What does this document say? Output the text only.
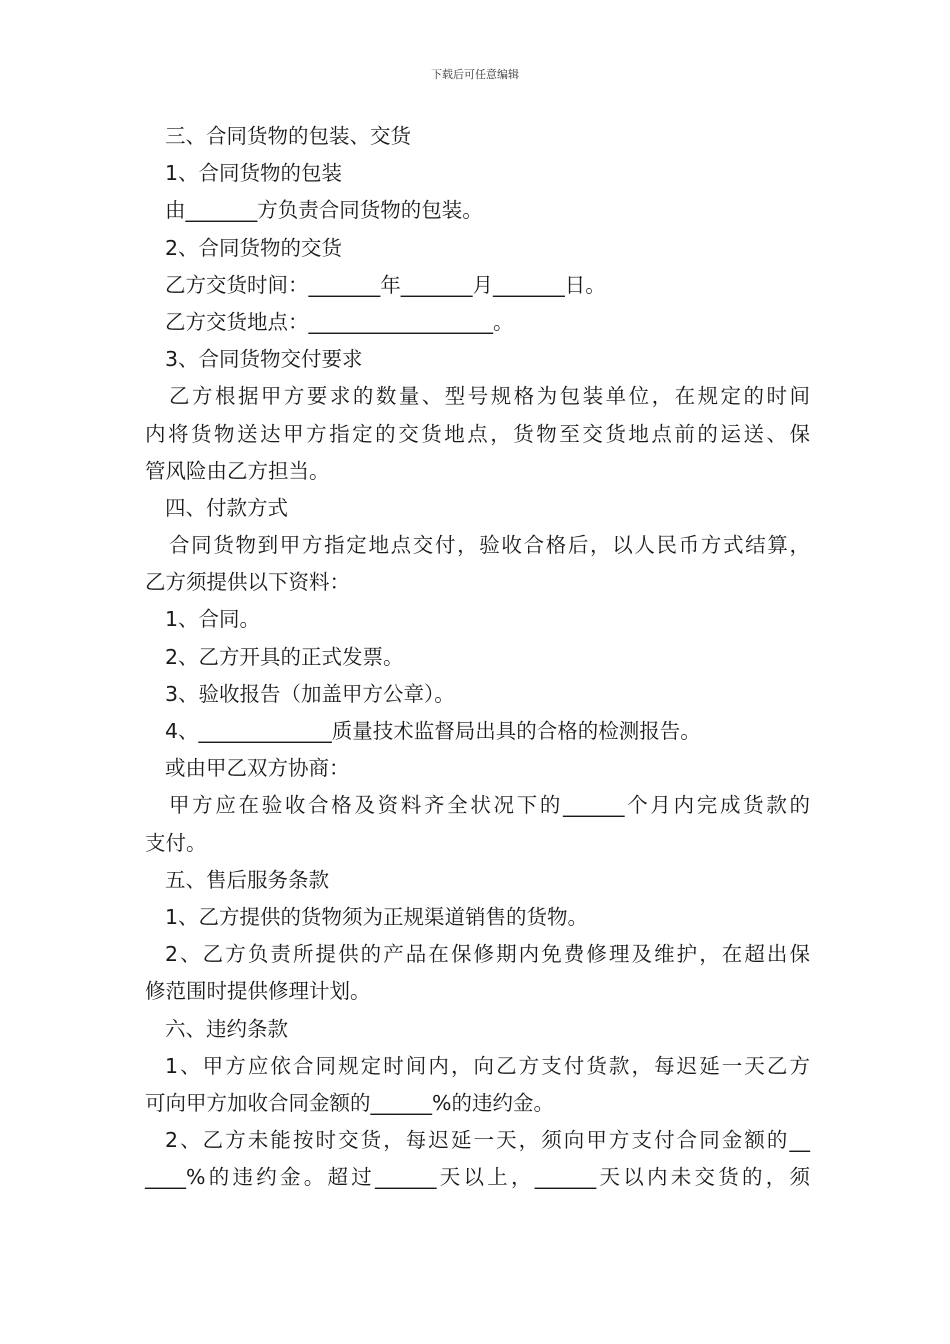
下载后可任意编辑
三、合同货物的包装、交货
1、合同货物的包装
由_______方负责合同货物的包装。
2、合同货物的交货
乙方交货时间：_______年_______月_______日。
乙方交货地点：__________________。
3、合同货物交付要求
乙方根据甲方要求的数量、型号规格为包装单位，在规定的时间
内将货物送达甲方指定的交货地点，货物至交货地点前的运送、保
管风险由乙方担当。
四、付款方式
合同货物到甲方指定地点交付，验收合格后，以人民币方式结算，
乙方须提供以下资料：
1、合同。
2、乙方开具的正式发票。
3、验收报告（加盖甲方公章）。
4、_____________质量技术监督局出具的合格的检测报告。
或由甲乙双方协商：
甲方应在验收合格及资料齐全状况下的______个月内完成货款的
支付。
五、售后服务条款
1、乙方提供的货物须为正规渠道销售的货物。
2、乙方负责所提供的产品在保修期内免费修理及维护，在超出保
修范围时提供修理计划。
六、违约条款
1、甲方应依合同规定时间内，向乙方支付货款，每迟延一天乙方
可向甲方加收合同金额的______%的违约金。
2、乙方未能按时交货，每迟延一天，须向甲方支付合同金额的__
____%的违约金。超过______天以上，______天以内未交货的，须
